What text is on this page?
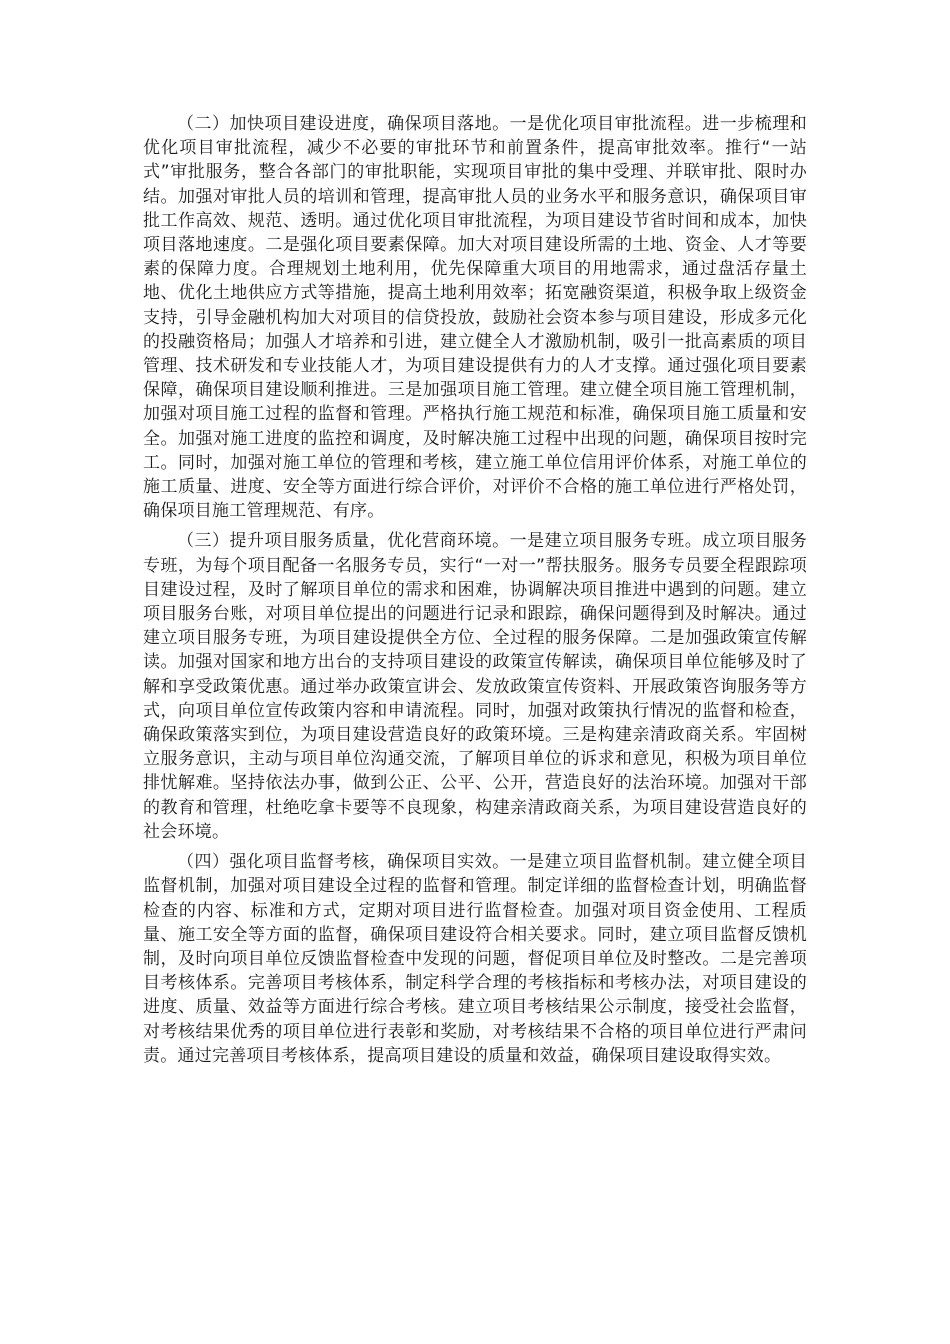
（二）加快项目建设进度，确保项目落地。一是优化项目审批流程。进一步梳理和优化项目审批流程，减少不必要的审批环节和前置条件，提高审批效率。推行“一站式”审批服务，整合各部门的审批职能，实现项目审批的集中受理、并联审批、限时办结。加强对审批人员的培训和管理，提高审批人员的业务水平和服务意识，确保项目审批工作高效、规范、透明。通过优化项目审批流程，为项目建设节省时间和成本，加快项目落地速度。二是强化项目要素保障。加大对项目建设所需的土地、资金、人才等要素的保障力度。合理规划土地利用，优先保障重大项目的用地需求，通过盘活存量土地、优化土地供应方式等措施，提高土地利用效率；拓宽融资渠道，积极争取上级资金支持，引导金融机构加大对项目的信贷投放，鼓励社会资本参与项目建设，形成多元化的投融资格局；加强人才培养和引进，建立健全人才激励机制，吸引一批高素质的项目管理、技术研发和专业技能人才，为项目建设提供有力的人才支撑。通过强化项目要素保障，确保项目建设顺利推进。三是加强项目施工管理。建立健全项目施工管理机制，加强对项目施工过程的监督和管理。严格执行施工规范和标准，确保项目施工质量和安全。加强对施工进度的监控和调度，及时解决施工过程中出现的问题，确保项目按时完工。同时，加强对施工单位的管理和考核，建立施工单位信用评价体系，对施工单位的施工质量、进度、安全等方面进行综合评价，对评价不合格的施工单位进行严格处罚，确保项目施工管理规范、有序。

（三）提升项目服务质量，优化营商环境。一是建立项目服务专班。成立项目服务专班，为每个项目配备一名服务专员，实行“一对一”帮扶服务。服务专员要全程跟踪项目建设过程，及时了解项目单位的需求和困难，协调解决项目推进中遇到的问题。建立项目服务台账，对项目单位提出的问题进行记录和跟踪，确保问题得到及时解决。通过建立项目服务专班，为项目建设提供全方位、全过程的服务保障。二是加强政策宣传解读。加强对国家和地方出台的支持项目建设的政策宣传解读，确保项目单位能够及时了解和享受政策优惠。通过举办政策宣讲会、发放政策宣传资料、开展政策咨询服务等方式，向项目单位宣传政策内容和申请流程。同时，加强对政策执行情况的监督和检查，确保政策落实到位，为项目建设营造良好的政策环境。三是构建亲清政商关系。牢固树立服务意识，主动与项目单位沟通交流，了解项目单位的诉求和意见，积极为项目单位排忧解难。坚持依法办事，做到公正、公平、公开，营造良好的法治环境。加强对干部的教育和管理，杜绝吃拿卡要等不良现象，构建亲清政商关系，为项目建设营造良好的社会环境。

（四）强化项目监督考核，确保项目实效。一是建立项目监督机制。建立健全项目监督机制，加强对项目建设全过程的监督和管理。制定详细的监督检查计划，明确监督检查的内容、标准和方式，定期对项目进行监督检查。加强对项目资金使用、工程质量、施工安全等方面的监督，确保项目建设符合相关要求。同时，建立项目监督反馈机制，及时向项目单位反馈监督检查中发现的问题，督促项目单位及时整改。二是完善项目考核体系。完善项目考核体系，制定科学合理的考核指标和考核办法，对项目建设的进度、质量、效益等方面进行综合考核。建立项目考核结果公示制度，接受社会监督，对考核结果优秀的项目单位进行表彰和奖励，对考核结果不合格的项目单位进行严肃问责。通过完善项目考核体系，提高项目建设的质量和效益，确保项目建设取得实效。
